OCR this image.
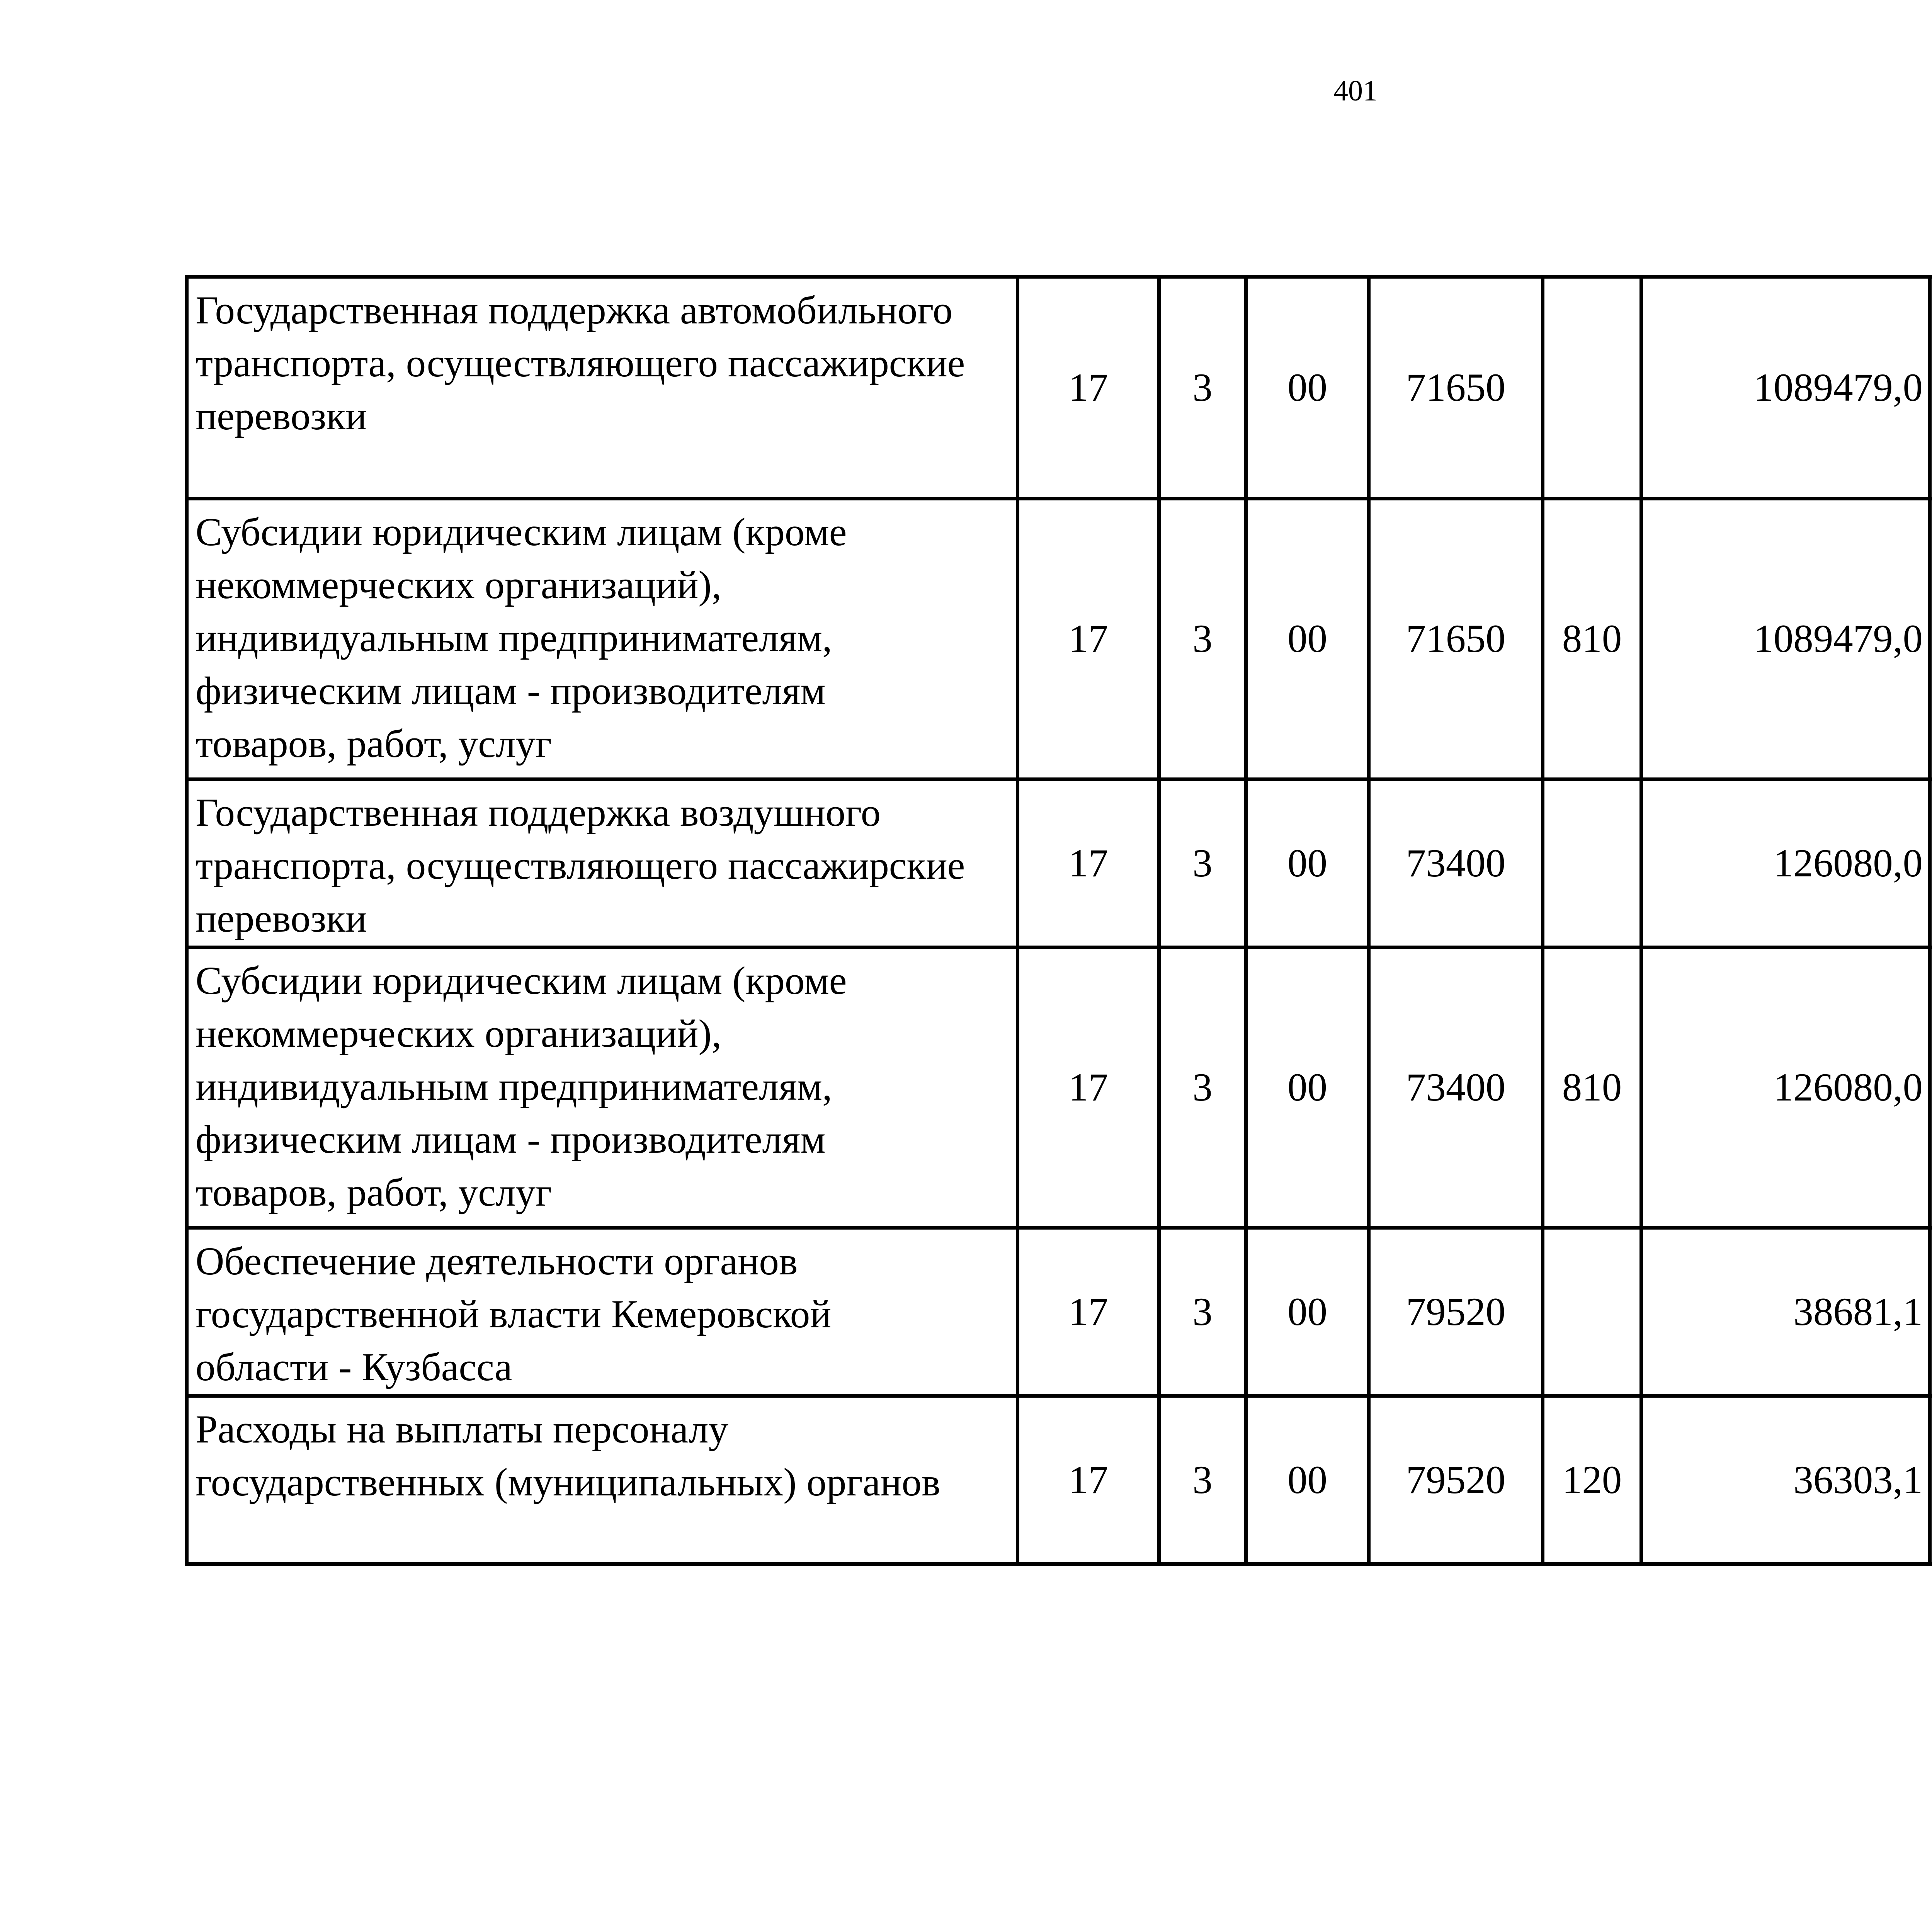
401
Государственная поддержка автомобильного
транспорта, осуществляющего пассажирские
перевозки	17	3	00	71650		1089479,0		

Субсидии юридическим лицам (кроме
некоммерческих организаций),
индивидуальным предпринимателям,
физическим лицам - производителям
товаров, работ, услуг	17	3	00	71650	810	1089479,0		

Государственная поддержка воздушного
транспорта, осуществляющего пассажирские
перевозки	17	3	00	73400		126080,0		

Субсидии юридическим лицам (кроме
некоммерческих организаций),
индивидуальным предпринимателям,
физическим лицам - производителям
товаров, работ, услуг	17	3	00	73400	810	126080,0		

Обеспечение деятельности органов
государственной власти Кемеровской
области - Кузбасса	17	3	00	79520		38681,1		

Расходы на выплаты персоналу
государственных (муниципальных) органов	17	3	00	79520	120	36303,1		
